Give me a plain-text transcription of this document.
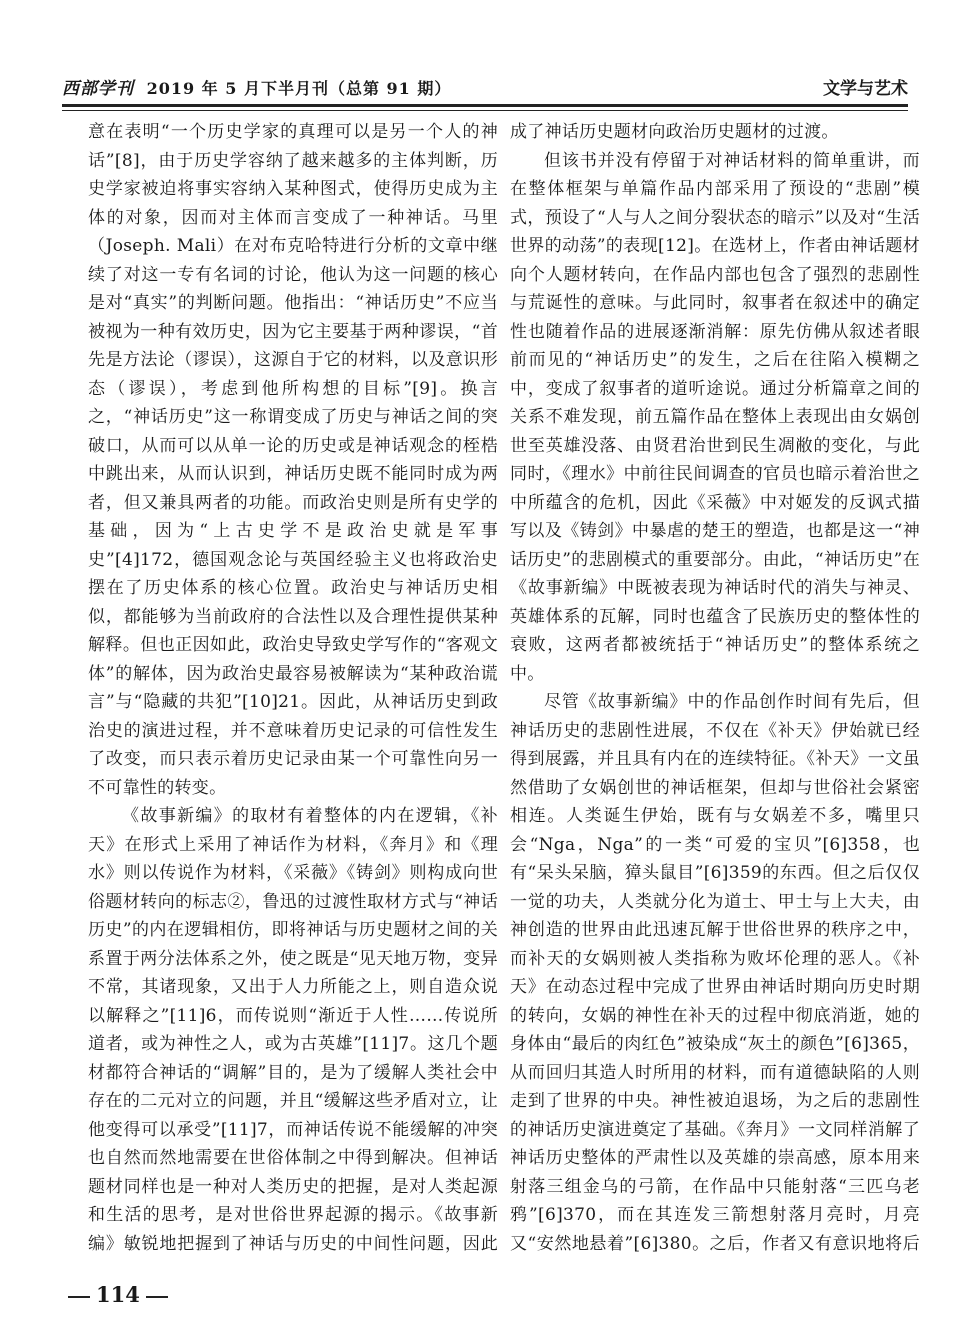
西部学刊 2019 年 5 月下半月刊（总第 91 期）	文学与艺术

意在表明“一个历史学家的真理可以是另一个人的神话”[8]，由于历史学容纳了越来越多的主体判断，历史学家被迫将事实容纳入某种图式，使得历史成为主体的对象，因而对主体而言变成了一种神话。马里（Joseph. Mali）在对布克哈特进行分析的文章中继续了对这一专有名词的讨论，他认为这一问题的核心是对“真实”的判断问题。他指出：“神话历史”不应当被视为一种有效历史，因为它主要基于两种谬误，“首先是方法论（谬误），这源自于它的材料，以及意识形态（谬误），考虑到他所构想的目标”[9]。换言之，“神话历史”这一称谓变成了历史与神话之间的突破口，从而可以从单一论的历史或是神话观念的桎梏中跳出来，从而认识到，神话历史既不能同时成为两者，但又兼具两者的功能。而政治史则是所有史学的基础，因为“上古史学不是政治史就是军事史”[4]172，德国观念论与英国经验主义也将政治史摆在了历史体系的核心位置。政治史与神话历史相似，都能够为当前政府的合法性以及合理性提供某种解释。但也正因如此，政治史导致史学写作的“客观文体”的解体，因为政治史最容易被解读为“某种政治谎言”与“隐藏的共犯”[10]21。因此，从神话历史到政治史的演进过程，并不意味着历史记录的可信性发生了改变，而只表示着历史记录由某一个可靠性向另一不可靠性的转变。

《故事新编》的取材有着整体的内在逻辑，《补天》在形式上采用了神话作为材料，《奔月》和《理水》则以传说作为材料，《采薇》《铸剑》则构成向世俗题材转向的标志②，鲁迅的过渡性取材方式与“神话历史”的内在逻辑相仿，即将神话与历史题材之间的关系置于两分法体系之外，使之既是“见天地万物，变异不常，其诸现象，又出于人力所能之上，则自造众说以解释之”[11]6，而传说则“渐近于人性……传说所道者，或为神性之人，或为古英雄”[11]7。这几个题材都符合神话的“调解”目的，是为了缓解人类社会中存在的二元对立的问题，并且“缓解这些矛盾对立，让他变得可以承受”[11]7，而神话传说不能缓解的冲突也自然而然地需要在世俗体制之中得到解决。但神话题材同样也是一种对人类历史的把握，是对人类起源和生活的思考，是对世俗世界起源的揭示。《故事新编》敏锐地把握到了神话与历史的中间性问题，因此

成了神话历史题材向政治历史题材的过渡。

但该书并没有停留于对神话材料的简单重讲，而在整体框架与单篇作品内部采用了预设的“悲剧”模式，预设了“人与人之间分裂状态的暗示”以及对“生活世界的动荡”的表现[12]。在选材上，作者由神话题材向个人题材转向，在作品内部也包含了强烈的悲剧性与荒诞性的意味。与此同时，叙事者在叙述中的确定性也随着作品的进展逐渐消解：原先仿佛从叙述者眼前而见的“神话历史”的发生，之后在往陷入模糊之中，变成了叙事者的道听途说。通过分析篇章之间的关系不难发现，前五篇作品在整体上表现出由女娲创世至英雄没落、由贤君治世到民生凋敝的变化，与此同时，《理水》中前往民间调查的官员也暗示着治世之中所蕴含的危机，因此《采薇》中对姬发的反讽式描写以及《铸剑》中暴虐的楚王的塑造，也都是这一“神话历史”的悲剧模式的重要部分。由此，“神话历史”在《故事新编》中既被表现为神话时代的消失与神灵、英雄体系的瓦解，同时也蕴含了民族历史的整体性的衰败，这两者都被统括于“神话历史”的整体系统之中。

尽管《故事新编》中的作品创作时间有先后，但神话历史的悲剧性进展，不仅在《补天》伊始就已经得到展露，并且具有内在的连续特征。《补天》一文虽然借助了女娲创世的神话框架，但却与世俗社会紧密相连。人类诞生伊始，既有与女娲差不多，嘴里只会“Nga，Nga”的一类“可爱的宝贝”[6]358，也有“呆头呆脑，獐头鼠目”[6]359的东西。但之后仅仅一觉的功夫，人类就分化为道士、甲士与上大夫，由神创造的世界由此迅速瓦解于世俗世界的秩序之中，而补天的女娲则被人类指称为败坏伦理的恶人。《补天》在动态过程中完成了世界由神话时期向历史时期的转向，女娲的神性在补天的过程中彻底消逝，她的身体由“最后的肉红色”被染成“灰土的颜色”[6]365，从而回归其造人时所用的材料，而有道德缺陷的人则走到了世界的中央。神性被迫退场，为之后的悲剧性的神话历史演进奠定了基础。《奔月》一文同样消解了神话历史整体的严肃性以及英雄的崇高感，原本用来射落三组金乌的弓箭，在作品中只能射落“三匹乌老鸦”[6]370，而在其连发三箭想射落月亮时，月亮又“安然地悬着”[6]380。之后，作者又有意识地将后

114
